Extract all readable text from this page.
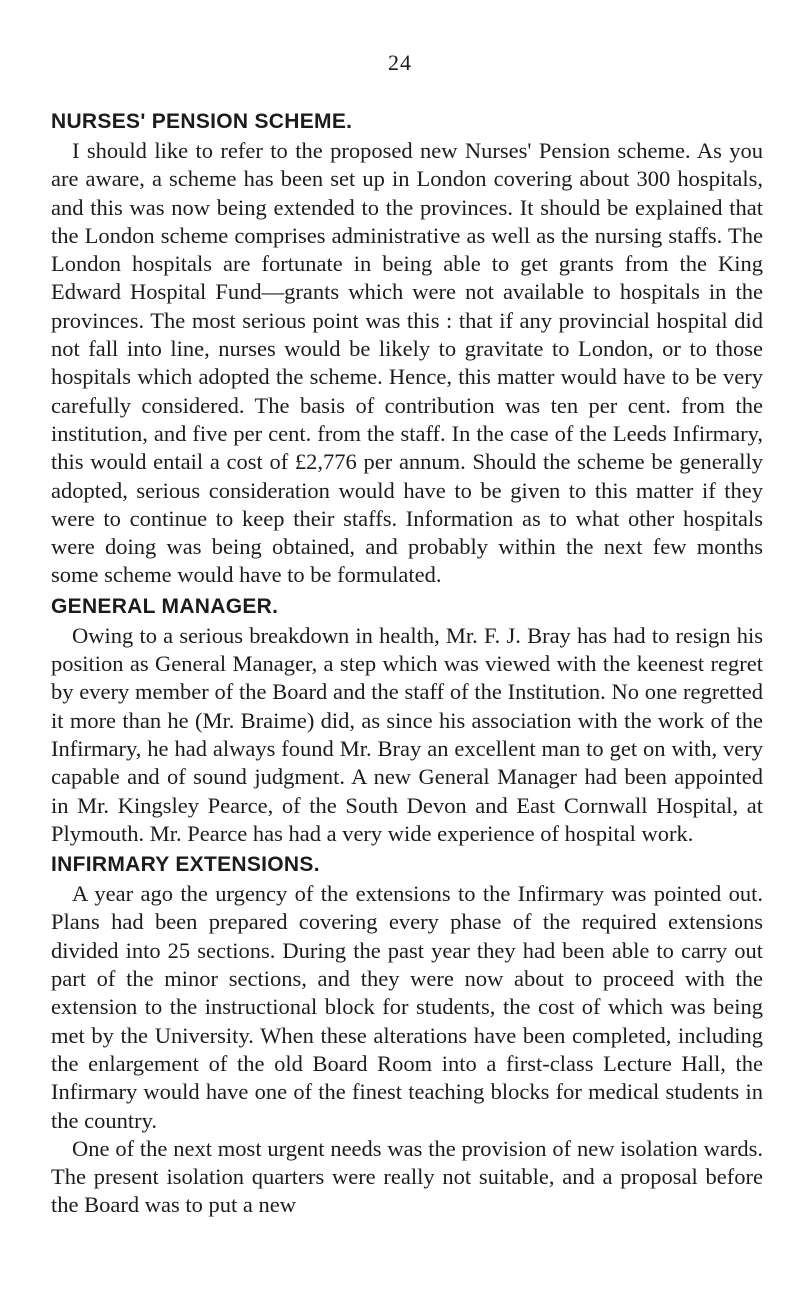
24
NURSES' PENSION SCHEME.

I should like to refer to the proposed new Nurses' Pension scheme. As you are aware, a scheme has been set up in London covering about 300 hospitals, and this was now being extended to the provinces. It should be explained that the London scheme comprises administrative as well as the nursing staffs. The London hospitals are fortunate in being able to get grants from the King Edward Hospital Fund—grants which were not available to hospitals in the provinces. The most serious point was this : that if any provincial hospital did not fall into line, nurses would be likely to gravitate to London, or to those hospitals which adopted the scheme. Hence, this matter would have to be very carefully considered. The basis of contribution was ten per cent. from the institution, and five per cent. from the staff. In the case of the Leeds Infirmary, this would entail a cost of £2,776 per annum. Should the scheme be generally adopted, serious consideration would have to be given to this matter if they were to continue to keep their staffs. Information as to what other hospitals were doing was being obtained, and probably within the next few months some scheme would have to be formulated.

GENERAL MANAGER.

Owing to a serious breakdown in health, Mr. F. J. Bray has had to resign his position as General Manager, a step which was viewed with the keenest regret by every member of the Board and the staff of the Institution. No one regretted it more than he (Mr. Braime) did, as since his association with the work of the Infirmary, he had always found Mr. Bray an excellent man to get on with, very capable and of sound judgment. A new General Manager had been appointed in Mr. Kingsley Pearce, of the South Devon and East Cornwall Hospital, at Plymouth. Mr. Pearce has had a very wide experience of hospital work.

INFIRMARY EXTENSIONS.

A year ago the urgency of the extensions to the Infirmary was pointed out. Plans had been prepared covering every phase of the required extensions divided into 25 sections. During the past year they had been able to carry out part of the minor sections, and they were now about to proceed with the extension to the instructional block for students, the cost of which was being met by the University. When these alterations have been completed, including the enlargement of the old Board Room into a first-class Lecture Hall, the Infirmary would have one of the finest teaching blocks for medical students in the country.

One of the next most urgent needs was the provision of new isolation wards. The present isolation quarters were really not suitable, and a proposal before the Board was to put a new
